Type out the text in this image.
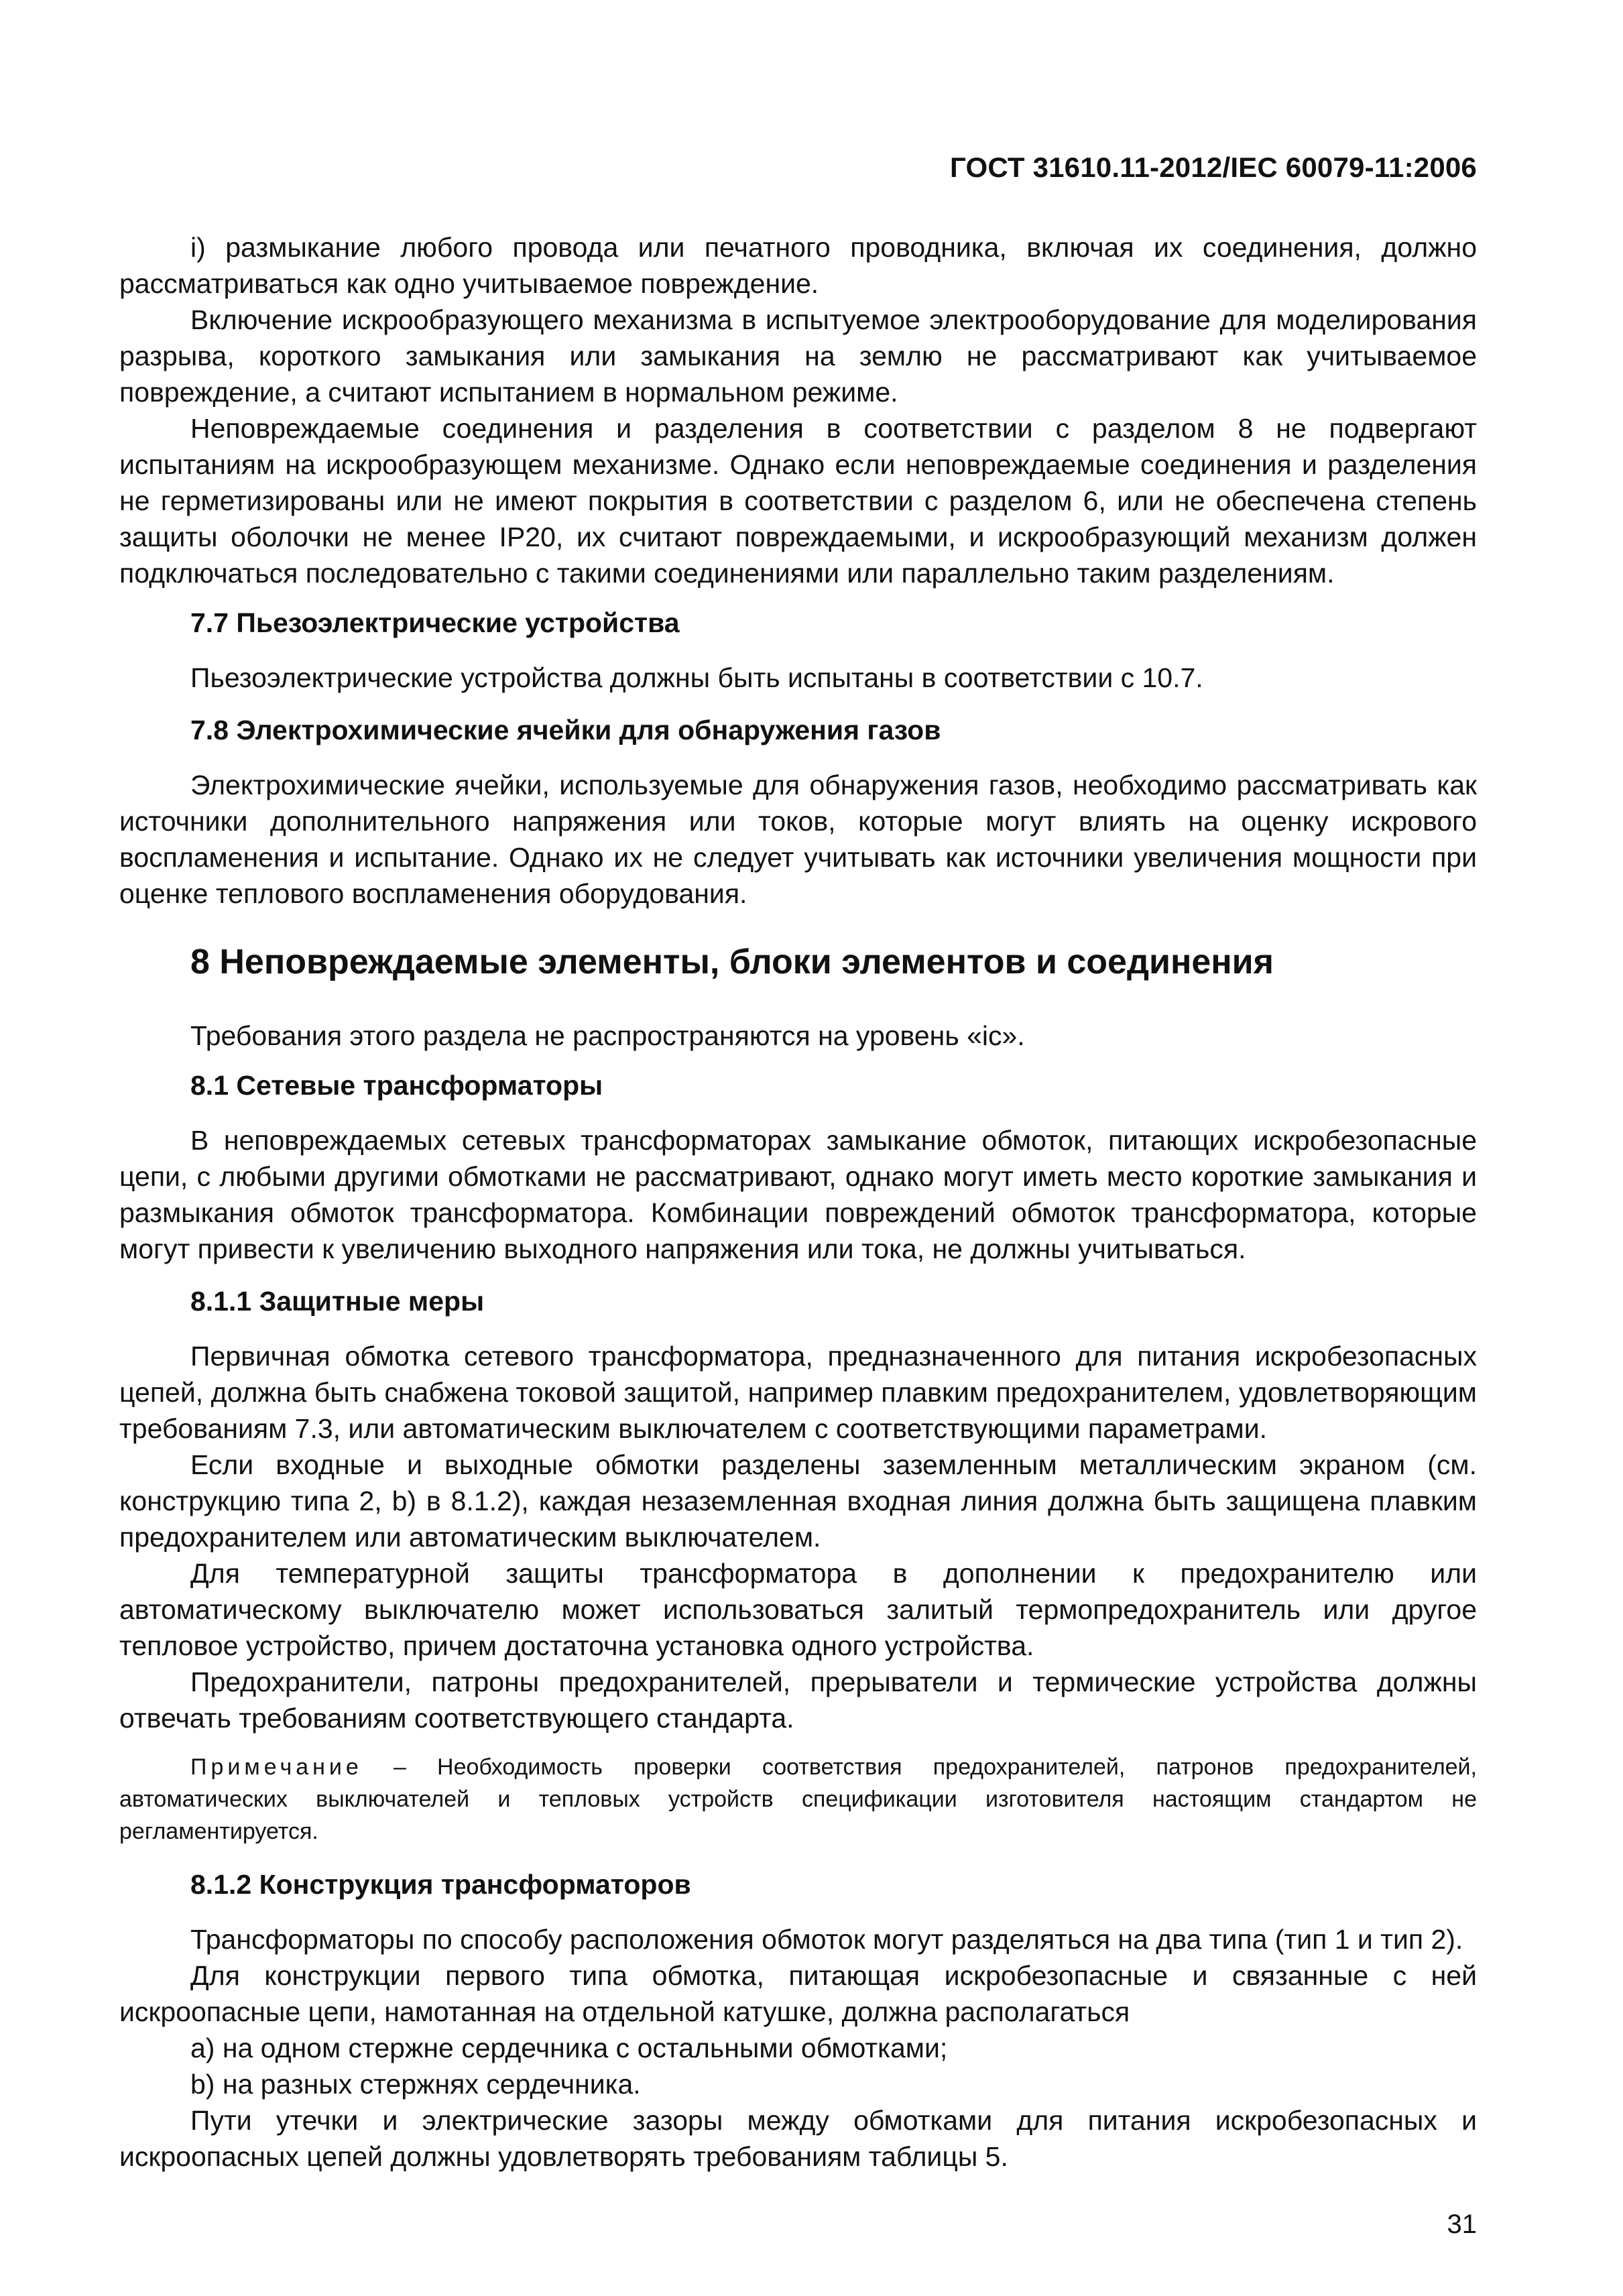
ГОСТ 31610.11-2012/IEC 60079-11:2006

i) размыкание любого провода или печатного проводника, включая их соединения, должно рассматриваться как одно учитываемое повреждение.

Включение искрообразующего механизма в испытуемое электрооборудование для моделирования разрыва, короткого замыкания или замыкания на землю не рассматривают как учитываемое повреждение, а считают испытанием в нормальном режиме.

Неповреждаемые соединения и разделения в соответствии с разделом 8 не подвергают испытаниям на искрообразующем механизме. Однако если неповреждаемые соединения и разделения не герметизированы или не имеют покрытия в соответствии с разделом 6, или не обеспечена степень защиты оболочки не менее IP20, их считают повреждаемыми, и искрообразующий механизм должен подключаться последовательно с такими соединениями или параллельно таким разделениям.

7.7 Пьезоэлектрические устройства

Пьезоэлектрические устройства должны быть испытаны в соответствии с 10.7.

7.8 Электрохимические ячейки для обнаружения газов

Электрохимические ячейки, используемые для обнаружения газов, необходимо рассматривать как источники дополнительного напряжения или токов, которые могут влиять на оценку искрового воспламенения и испытание. Однако их не следует учитывать как источники увеличения мощности при оценке теплового воспламенения оборудования.

8 Неповреждаемые элементы, блоки элементов и соединения

Требования этого раздела не распространяются на уровень «ic».

8.1 Сетевые трансформаторы

В неповреждаемых сетевых трансформаторах замыкание обмоток, питающих искробезопасные цепи, с любыми другими обмотками не рассматривают, однако могут иметь место короткие замыкания и размыкания обмоток трансформатора. Комбинации повреждений обмоток трансформатора, которые могут привести к увеличению выходного напряжения или тока, не должны учитываться.

8.1.1 Защитные меры

Первичная обмотка сетевого трансформатора, предназначенного для питания искробезопасных цепей, должна быть снабжена токовой защитой, например плавким предохранителем, удовлетворяющим требованиям 7.3, или автоматическим выключателем с соответствующими параметрами.

Если входные и выходные обмотки разделены заземленным металлическим экраном (см. конструкцию типа 2, b) в 8.1.2), каждая незаземленная входная линия должна быть защищена плавким предохранителем или автоматическим выключателем.

Для температурной защиты трансформатора в дополнении к предохранителю или автоматическому выключателю может использоваться залитый термопредохранитель или другое тепловое устройство, причем достаточна установка одного устройства.

Предохранители, патроны предохранителей, прерыватели и термические устройства должны отвечать требованиям соответствующего стандарта.

Примечание – Необходимость проверки соответствия предохранителей, патронов предохранителей, автоматических выключателей и тепловых устройств спецификации изготовителя настоящим стандартом не регламентируется.
8.1.2 Конструкция трансформаторов

Трансформаторы по способу расположения обмоток могут разделяться на два типа (тип 1 и тип 2).

Для конструкции первого типа обмотка, питающая искробезопасные и связанные с ней искроопасные цепи, намотанная на отдельной катушке, должна располагаться

a) на одном стержне сердечника с остальными обмотками;

b) на разных стержнях сердечника.

Пути утечки и электрические зазоры между обмотками для питания искробезопасных и искроопасных цепей должны удовлетворять требованиям таблицы 5.

31
